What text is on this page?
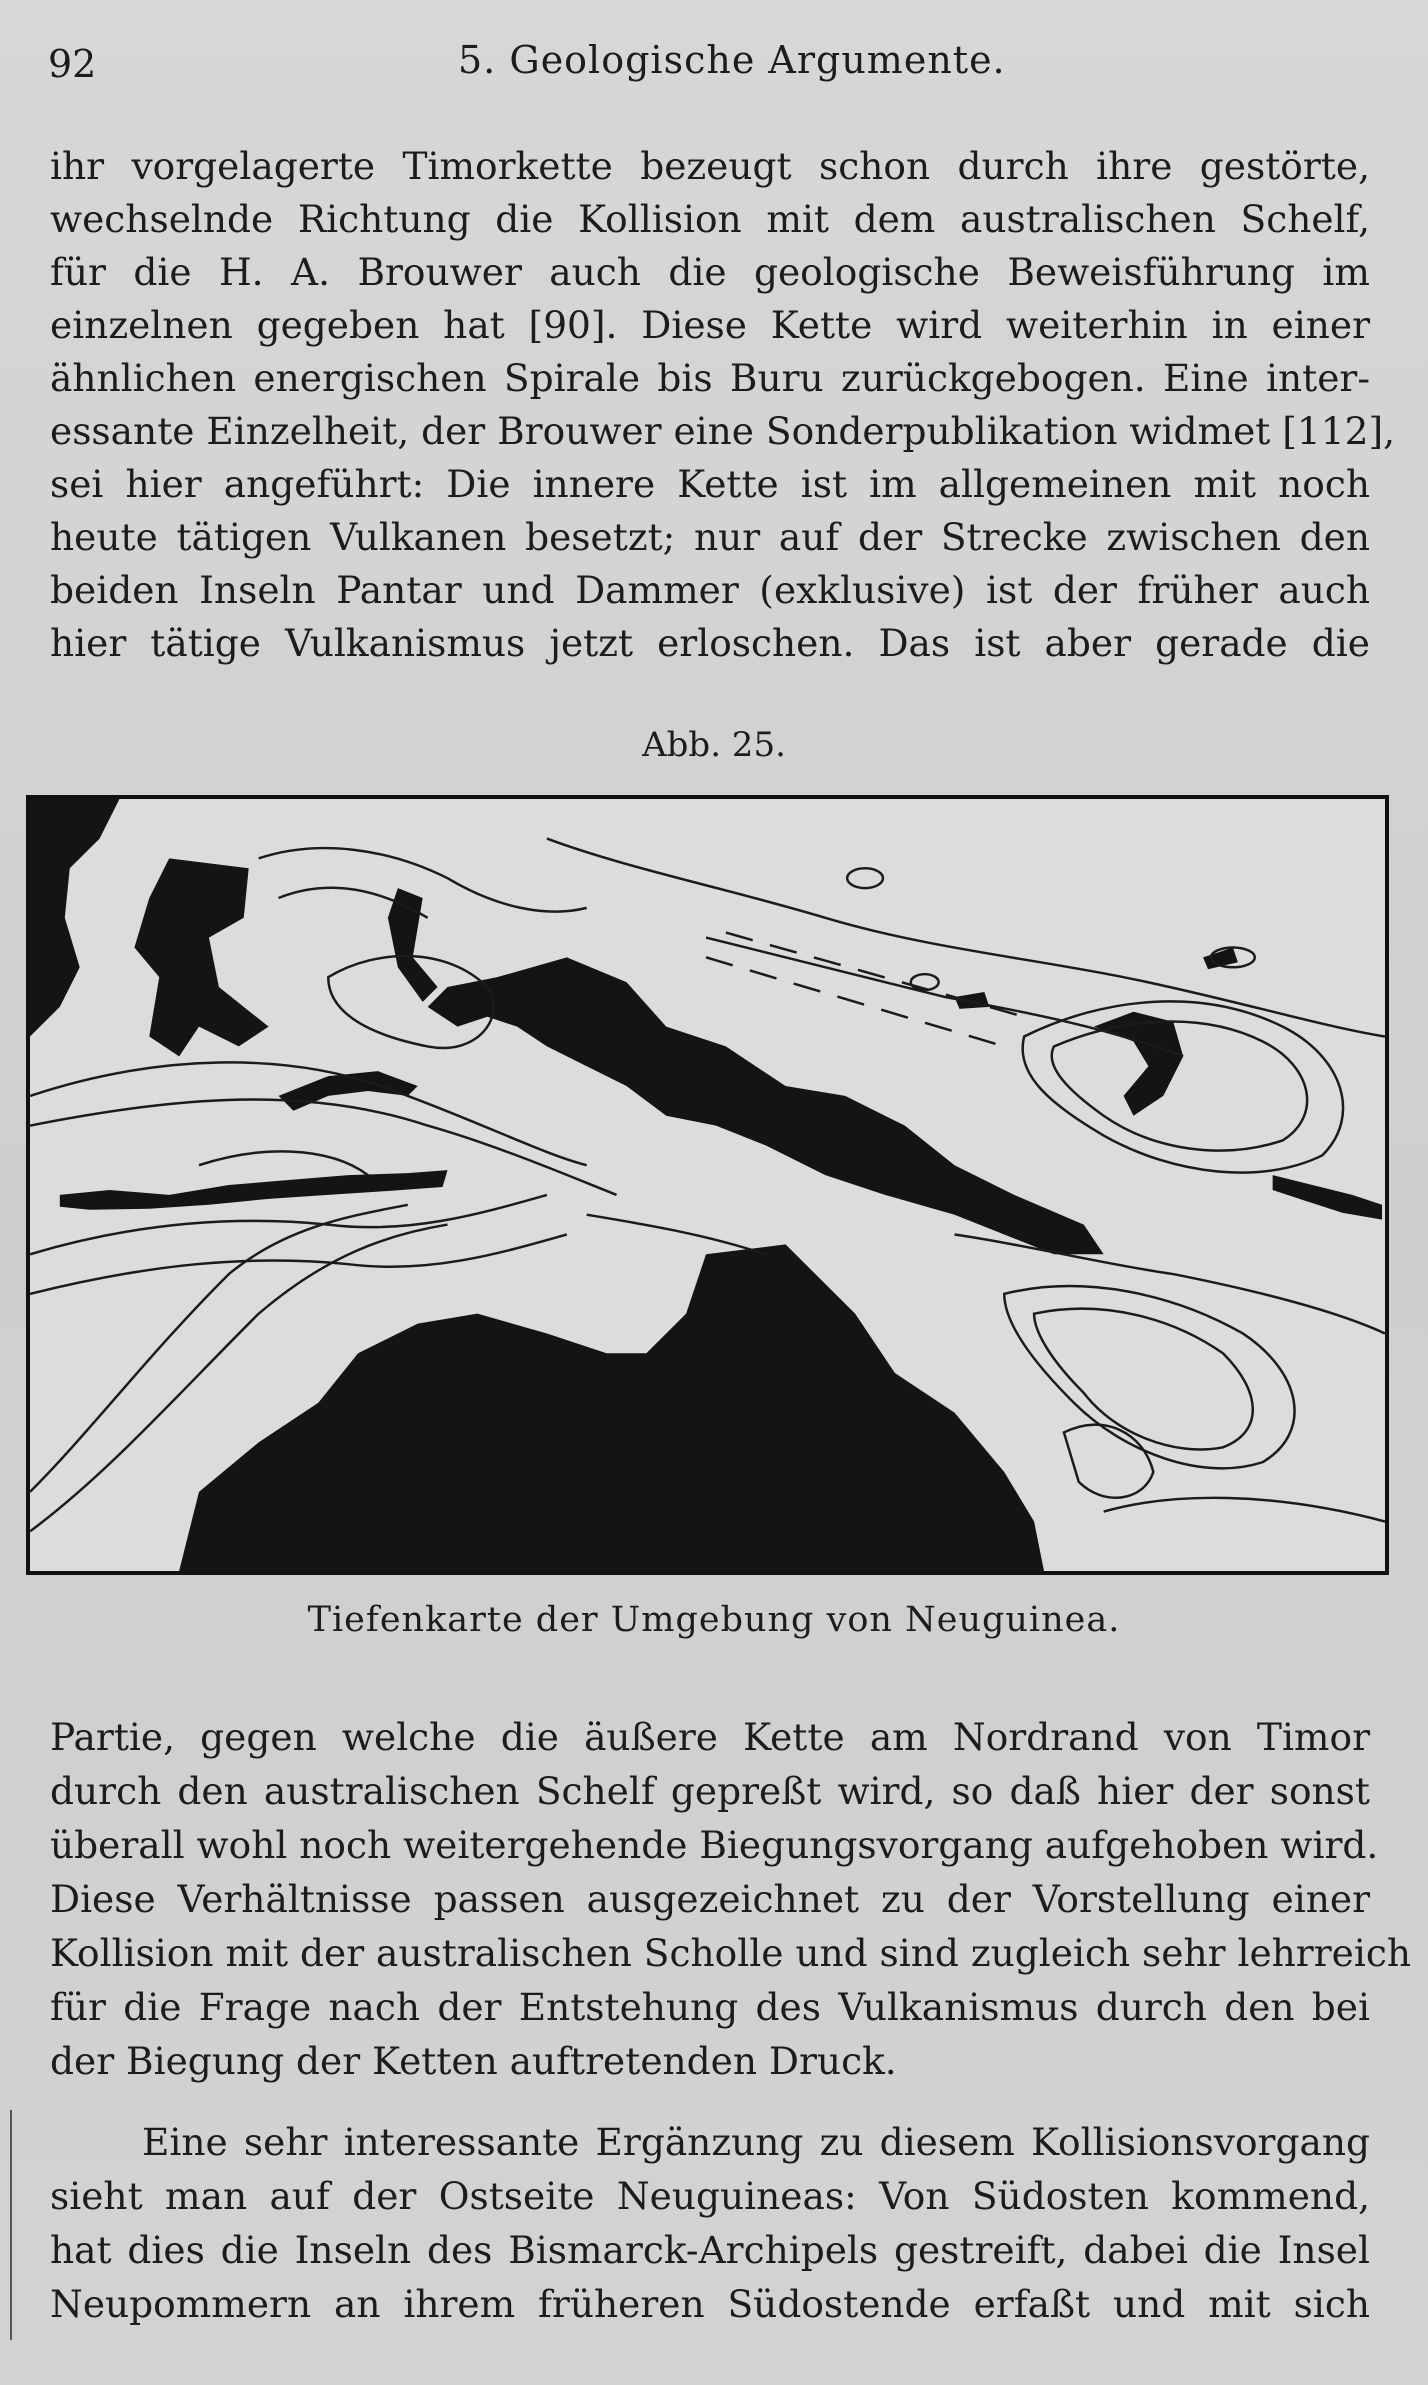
92	5. Geologische Argumente.
ihr vorgelagerte Timorkette bezeugt schon durch ihre gestörte,
wechselnde Richtung die Kollision mit dem australischen Schelf,
für die H. A. Brouwer auch die geologische Beweisführung im
einzelnen gegeben hat [90]. Diese Kette wird weiterhin in einer
ähnlichen energischen Spirale bis Buru zurückgebogen. Eine inter-
essante Einzelheit, der Brouwer eine Sonderpublikation widmet [112],
sei hier angeführt: Die innere Kette ist im allgemeinen mit noch
heute tätigen Vulkanen besetzt; nur auf der Strecke zwischen den
beiden Inseln Pantar und Dammer (exklusive) ist der früher auch
hier tätige Vulkanismus jetzt erloschen. Das ist aber gerade die
Abb. 25.
Tiefenkarte der Umgebung von Neuguinea.
Partie, gegen welche die äußere Kette am Nordrand von Timor
durch den australischen Schelf gepreßt wird, so daß hier der sonst
überall wohl noch weitergehende Biegungsvorgang aufgehoben wird.
Diese Verhältnisse passen ausgezeichnet zu der Vorstellung einer
Kollision mit der australischen Scholle und sind zugleich sehr lehrreich
für die Frage nach der Entstehung des Vulkanismus durch den bei
der Biegung der Ketten auftretenden Druck.
Eine sehr interessante Ergänzung zu diesem Kollisionsvorgang
sieht man auf der Ostseite Neuguineas: Von Südosten kommend,
hat dies die Inseln des Bismarck-Archipels gestreift, dabei die Insel
Neupommern an ihrem früheren Südostende erfaßt und mit sich
